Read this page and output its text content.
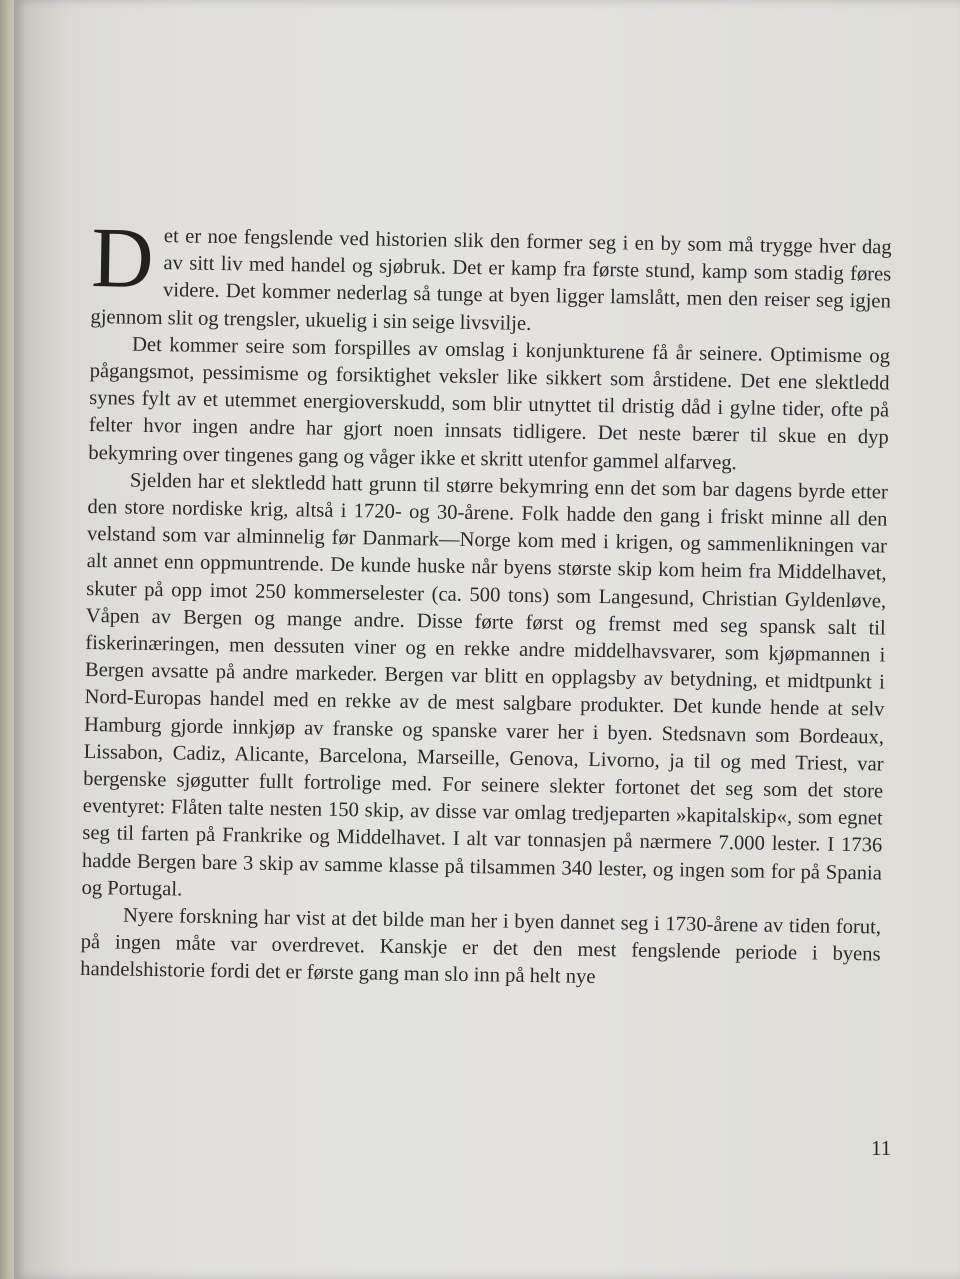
Det er noe fengslende ved historien slik den former seg i en by som må trygge hver dag av sitt liv med handel og sjøbruk. Det er kamp fra første stund, kamp som stadig føres videre. Det kommer nederlag så tunge at byen ligger lamslått, men den reiser seg igjen gjennom slit og trengsler, ukuelig i sin seige livsvilje.

Det kommer seire som forspilles av omslag i konjunkturene få år seinere. Optimisme og pågangsmot, pessimisme og forsiktighet veksler like sikkert som årstidene. Det ene slektledd synes fylt av et utemmet energioverskudd, som blir utnyttet til dristig dåd i gylne tider, ofte på felter hvor ingen andre har gjort noen innsats tidligere. Det neste bærer til skue en dyp bekymring over tingenes gang og våger ikke et skritt utenfor gammel alfarveg.

Sjelden har et slektledd hatt grunn til større bekymring enn det som bar dagens byrde etter den store nordiske krig, altså i 1720- og 30-årene. Folk hadde den gang i friskt minne all den velstand som var alminnelig før Danmark—Norge kom med i krigen, og sammenlikningen var alt annet enn oppmuntrende. De kunde huske når byens største skip kom heim fra Middelhavet, skuter på opp imot 250 kommerselester (ca. 500 tons) som Langesund, Christian Gyldenløve, Våpen av Bergen og mange andre. Disse førte først og fremst med seg spansk salt til fiskerinæringen, men dessuten viner og en rekke andre middelhavsvarer, som kjøpmannen i Bergen avsatte på andre markeder. Bergen var blitt en opplagsby av betydning, et midtpunkt i Nord-Europas handel med en rekke av de mest salgbare produkter. Det kunde hende at selv Hamburg gjorde innkjøp av franske og spanske varer her i byen. Stedsnavn som Bordeaux, Lissabon, Cadiz, Alicante, Barcelona, Marseille, Genova, Livorno, ja til og med Triest, var bergenske sjøgutter fullt fortrolige med. For seinere slekter fortonet det seg som det store eventyret: Flåten talte nesten 150 skip, av disse var omlag tredjeparten »kapitalskip«, som egnet seg til farten på Frankrike og Middelhavet. I alt var tonnasjen på nærmere 7.000 lester. I 1736 hadde Bergen bare 3 skip av samme klasse på tilsammen 340 lester, og ingen som for på Spania og Portugal.

Nyere forskning har vist at det bilde man her i byen dannet seg i 1730-årene av tiden forut, på ingen måte var overdrevet. Kanskje er det den mest fengslende periode i byens handelshistorie fordi det er første gang man slo inn på helt nye

11
